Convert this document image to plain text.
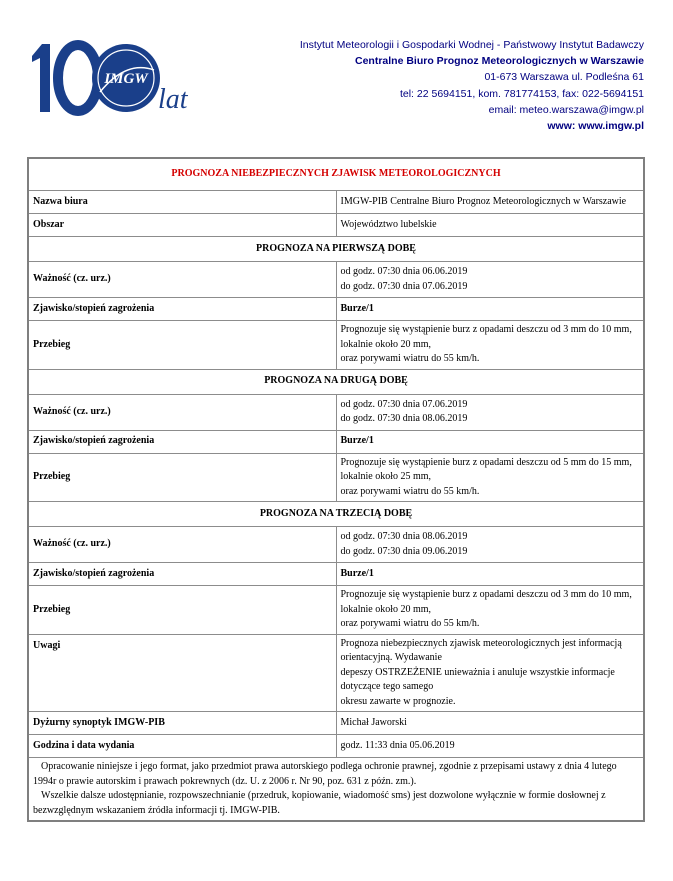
IMGW
lat
Instytut Meteorologii i Gospodarki Wodnej - Państwowy Instytut Badawczy
Centralne Biuro Prognoz Meteorologicznych w Warszawie
01-673 Warszawa ul. Podleśna 61
tel: 22 5694151, kom. 781774153, fax: 022-5694151
email: meteo.warszawa@imgw.pl
www: www.imgw.pl
PROGNOZA NIEBEZPIECZNYCH ZJAWISK METEOROLOGICZNYCH	
Nazwa biura	IMGW-PIB Centralne Biuro Prognoz Meteorologicznych w Warszawie
Obszar	Województwo lubelskie
PROGNOZA NA PIERWSZĄ DOBĘ	
Ważność (cz. urz.)	od godz. 07:30 dnia 06.06.2019
do godz. 07:30 dnia 07.06.2019

Zjawisko/stopień zagrożenia	Burze/1
Przebieg	Prognozuje się wystąpienie burz z opadami deszczu od 3 mm do 10 mm, lokalnie około 20 mm,
oraz porywami wiatru do 55 km/h.

PROGNOZA NA DRUGĄ DOBĘ	
Ważność (cz. urz.)	od godz. 07:30 dnia 07.06.2019
do godz. 07:30 dnia 08.06.2019

Zjawisko/stopień zagrożenia	Burze/1
Przebieg	Prognozuje się wystąpienie burz z opadami deszczu od 5 mm do 15 mm, lokalnie około 25 mm,
oraz porywami wiatru do 55 km/h.

PROGNOZA NA TRZECIĄ DOBĘ	
Ważność (cz. urz.)	od godz. 07:30 dnia 08.06.2019
do godz. 07:30 dnia 09.06.2019

Zjawisko/stopień zagrożenia	Burze/1
Przebieg	Prognozuje się wystąpienie burz z opadami deszczu od 3 mm do 10 mm, lokalnie około 20 mm,
oraz porywami wiatru do 55 km/h.

Uwagi	Prognoza niebezpiecznych zjawisk meteorologicznych jest informacją orientacyjną. Wydawanie
depeszy OSTRZEŻENIE unieważnia i anuluje wszystkie informacje dotyczące tego samego
okresu zawarte w prognozie.

Dyżurny synoptyk IMGW-PIB	Michał Jaworski
Godzina i data wydania	godz. 11:33 dnia 05.06.2019

Opracowanie niniejsze i jego format, jako przedmiot prawa autorskiego podlega ochronie prawnej, zgodnie z przepisami ustawy z dnia 4 lutego 1994r o prawie autorskim i prawach pokrewnych (dz. U. z 2006 r. Nr 90, poz. 631 z późn. zm.).

Wszelkie dalsze udostępnianie, rozpowszechnianie (przedruk, kopiowanie, wiadomość sms) jest dozwolone wyłącznie w formie dosłownej z bezwzględnym wskazaniem źródła informacji tj. IMGW-PIB.	
